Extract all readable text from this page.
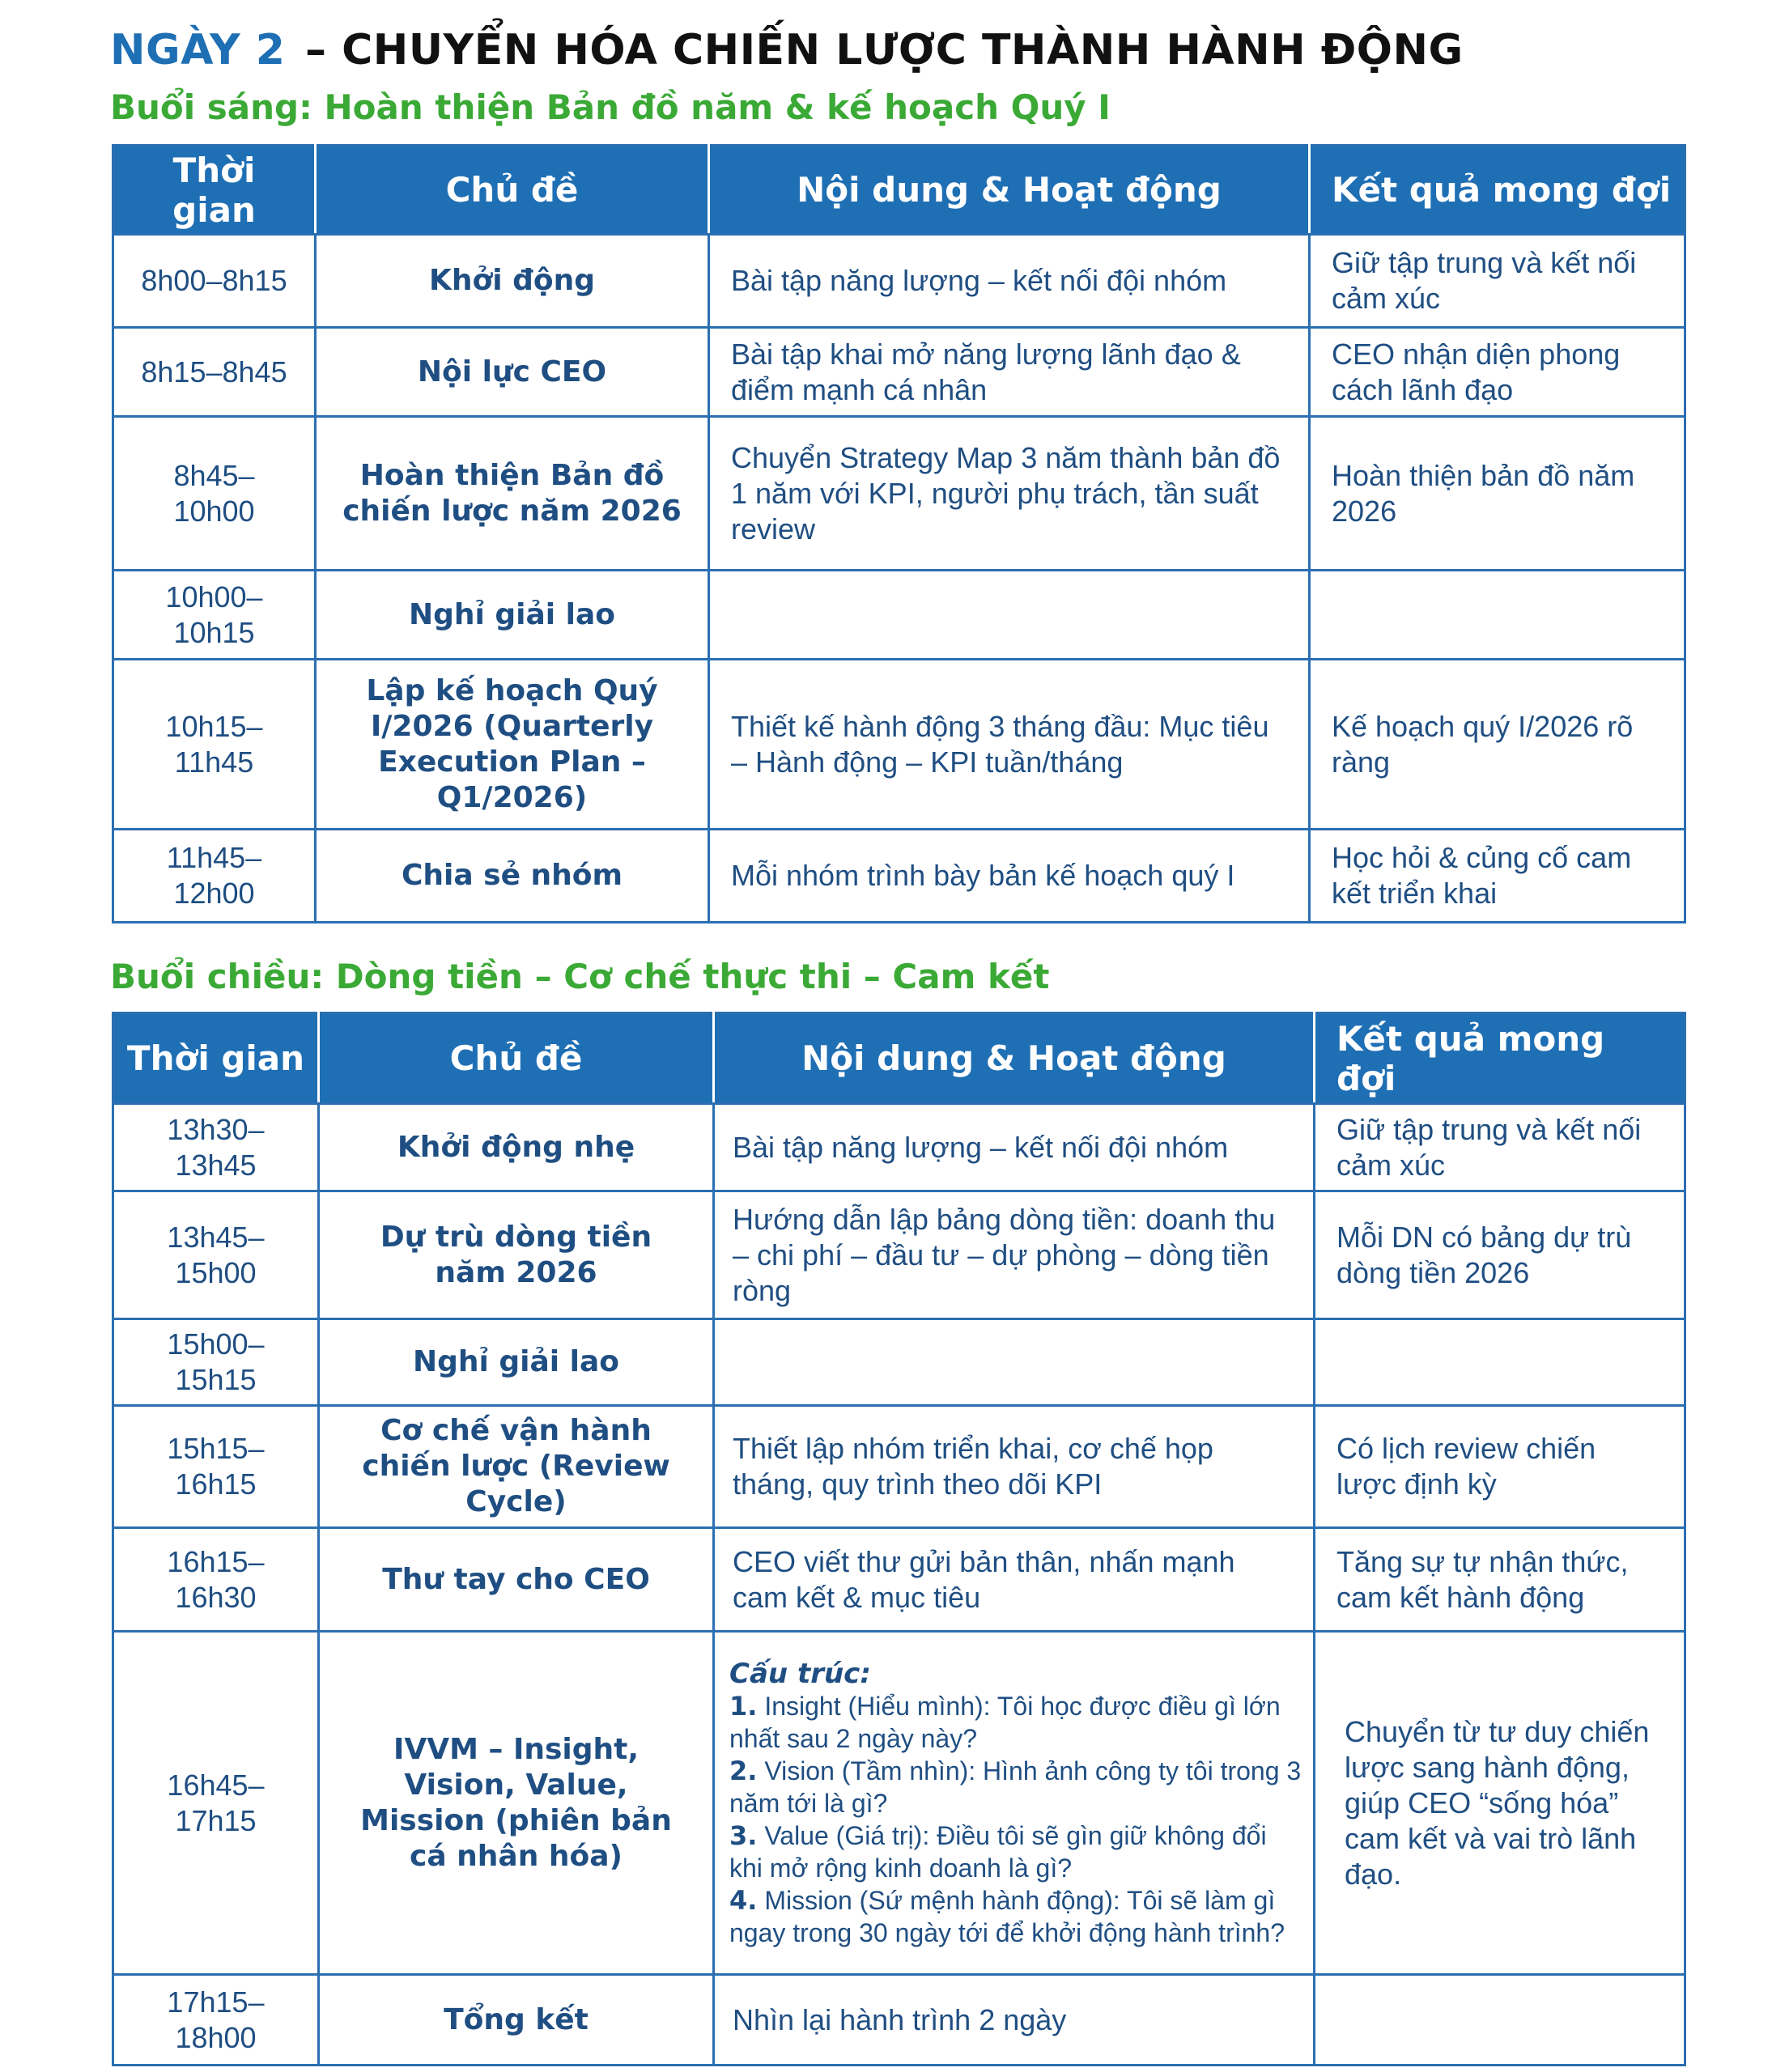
NGÀY 2 – CHUYỂN HÓA CHIẾN LƯỢC THÀNH HÀNH ĐỘNG
Buổi sáng: Hoàn thiện Bản đồ năm & kế hoạch Quý I
Thời gian	Chủ đề	Nội dung & Hoạt động	Kết quả mong đợi
8h00–8h15	Khởi động	Bài tập năng lượng – kết nối đội nhóm	Giữ tập trung và kết nối cảm xúc
8h15–8h45	Nội lực CEO	Bài tập khai mở năng lượng lãnh đạo & điểm mạnh cá nhân	CEO nhận diện phong cách lãnh đạo
8h45–10h00	Hoàn thiện Bản đồ chiến lược năm 2026	Chuyển Strategy Map 3 năm thành bản đồ 1 năm với KPI, người phụ trách, tần suất review	Hoàn thiện bản đồ năm 2026
10h00–10h15	Nghỉ giải lao		
10h15–11h45	Lập kế hoạch Quý I/2026 (Quarterly Execution Plan – Q1/2026)	Thiết kế hành động 3 tháng đầu: Mục tiêu – Hành động – KPI tuần/tháng	Kế hoạch quý I/2026 rõ ràng
11h45–12h00	Chia sẻ nhóm	Mỗi nhóm trình bày bản kế hoạch quý I	Học hỏi & củng cố cam kết triển khai
Buổi chiều: Dòng tiền – Cơ chế thực thi – Cam kết
Thời gian	Chủ đề	Nội dung & Hoạt động	Kết quả mong đợi
13h30–13h45	Khởi động nhẹ	Bài tập năng lượng – kết nối đội nhóm	Giữ tập trung và kết nối cảm xúc
13h45–15h00	Dự trù dòng tiền năm 2026	Hướng dẫn lập bảng dòng tiền: doanh thu – chi phí – đầu tư – dự phòng – dòng tiền ròng	Mỗi DN có bảng dự trù dòng tiền 2026
15h00–15h15	Nghỉ giải lao		
15h15–16h15	Cơ chế vận hành chiến lược (Review Cycle)	Thiết lập nhóm triển khai, cơ chế họp tháng, quy trình theo dõi KPI	Có lịch review chiến lược định kỳ
16h15–16h30	Thư tay cho CEO	CEO viết thư gửi bản thân, nhấn mạnh cam kết & mục tiêu	Tăng sự tự nhận thức, cam kết hành động
16h45–17h15	IVVM – Insight, Vision, Value, Mission (phiên bản cá nhân hóa)	Cấu trúc:
1. Insight (Hiểu mình): Tôi học được điều gì lớn nhất sau 2 ngày này?
2. Vision (Tầm nhìn): Hình ảnh công ty tôi trong 3 năm tới là gì?
3. Value (Giá trị): Điều tôi sẽ gìn giữ không đổi khi mở rộng kinh doanh là gì?
4. Mission (Sứ mệnh hành động): Tôi sẽ làm gì ngay trong 30 ngày tới để khởi động hành trình?	Chuyển từ tư duy chiến lược sang hành động, giúp CEO “sống hóa” cam kết và vai trò lãnh đạo.
17h15–18h00	Tổng kết	Nhìn lại hành trình 2 ngày	
